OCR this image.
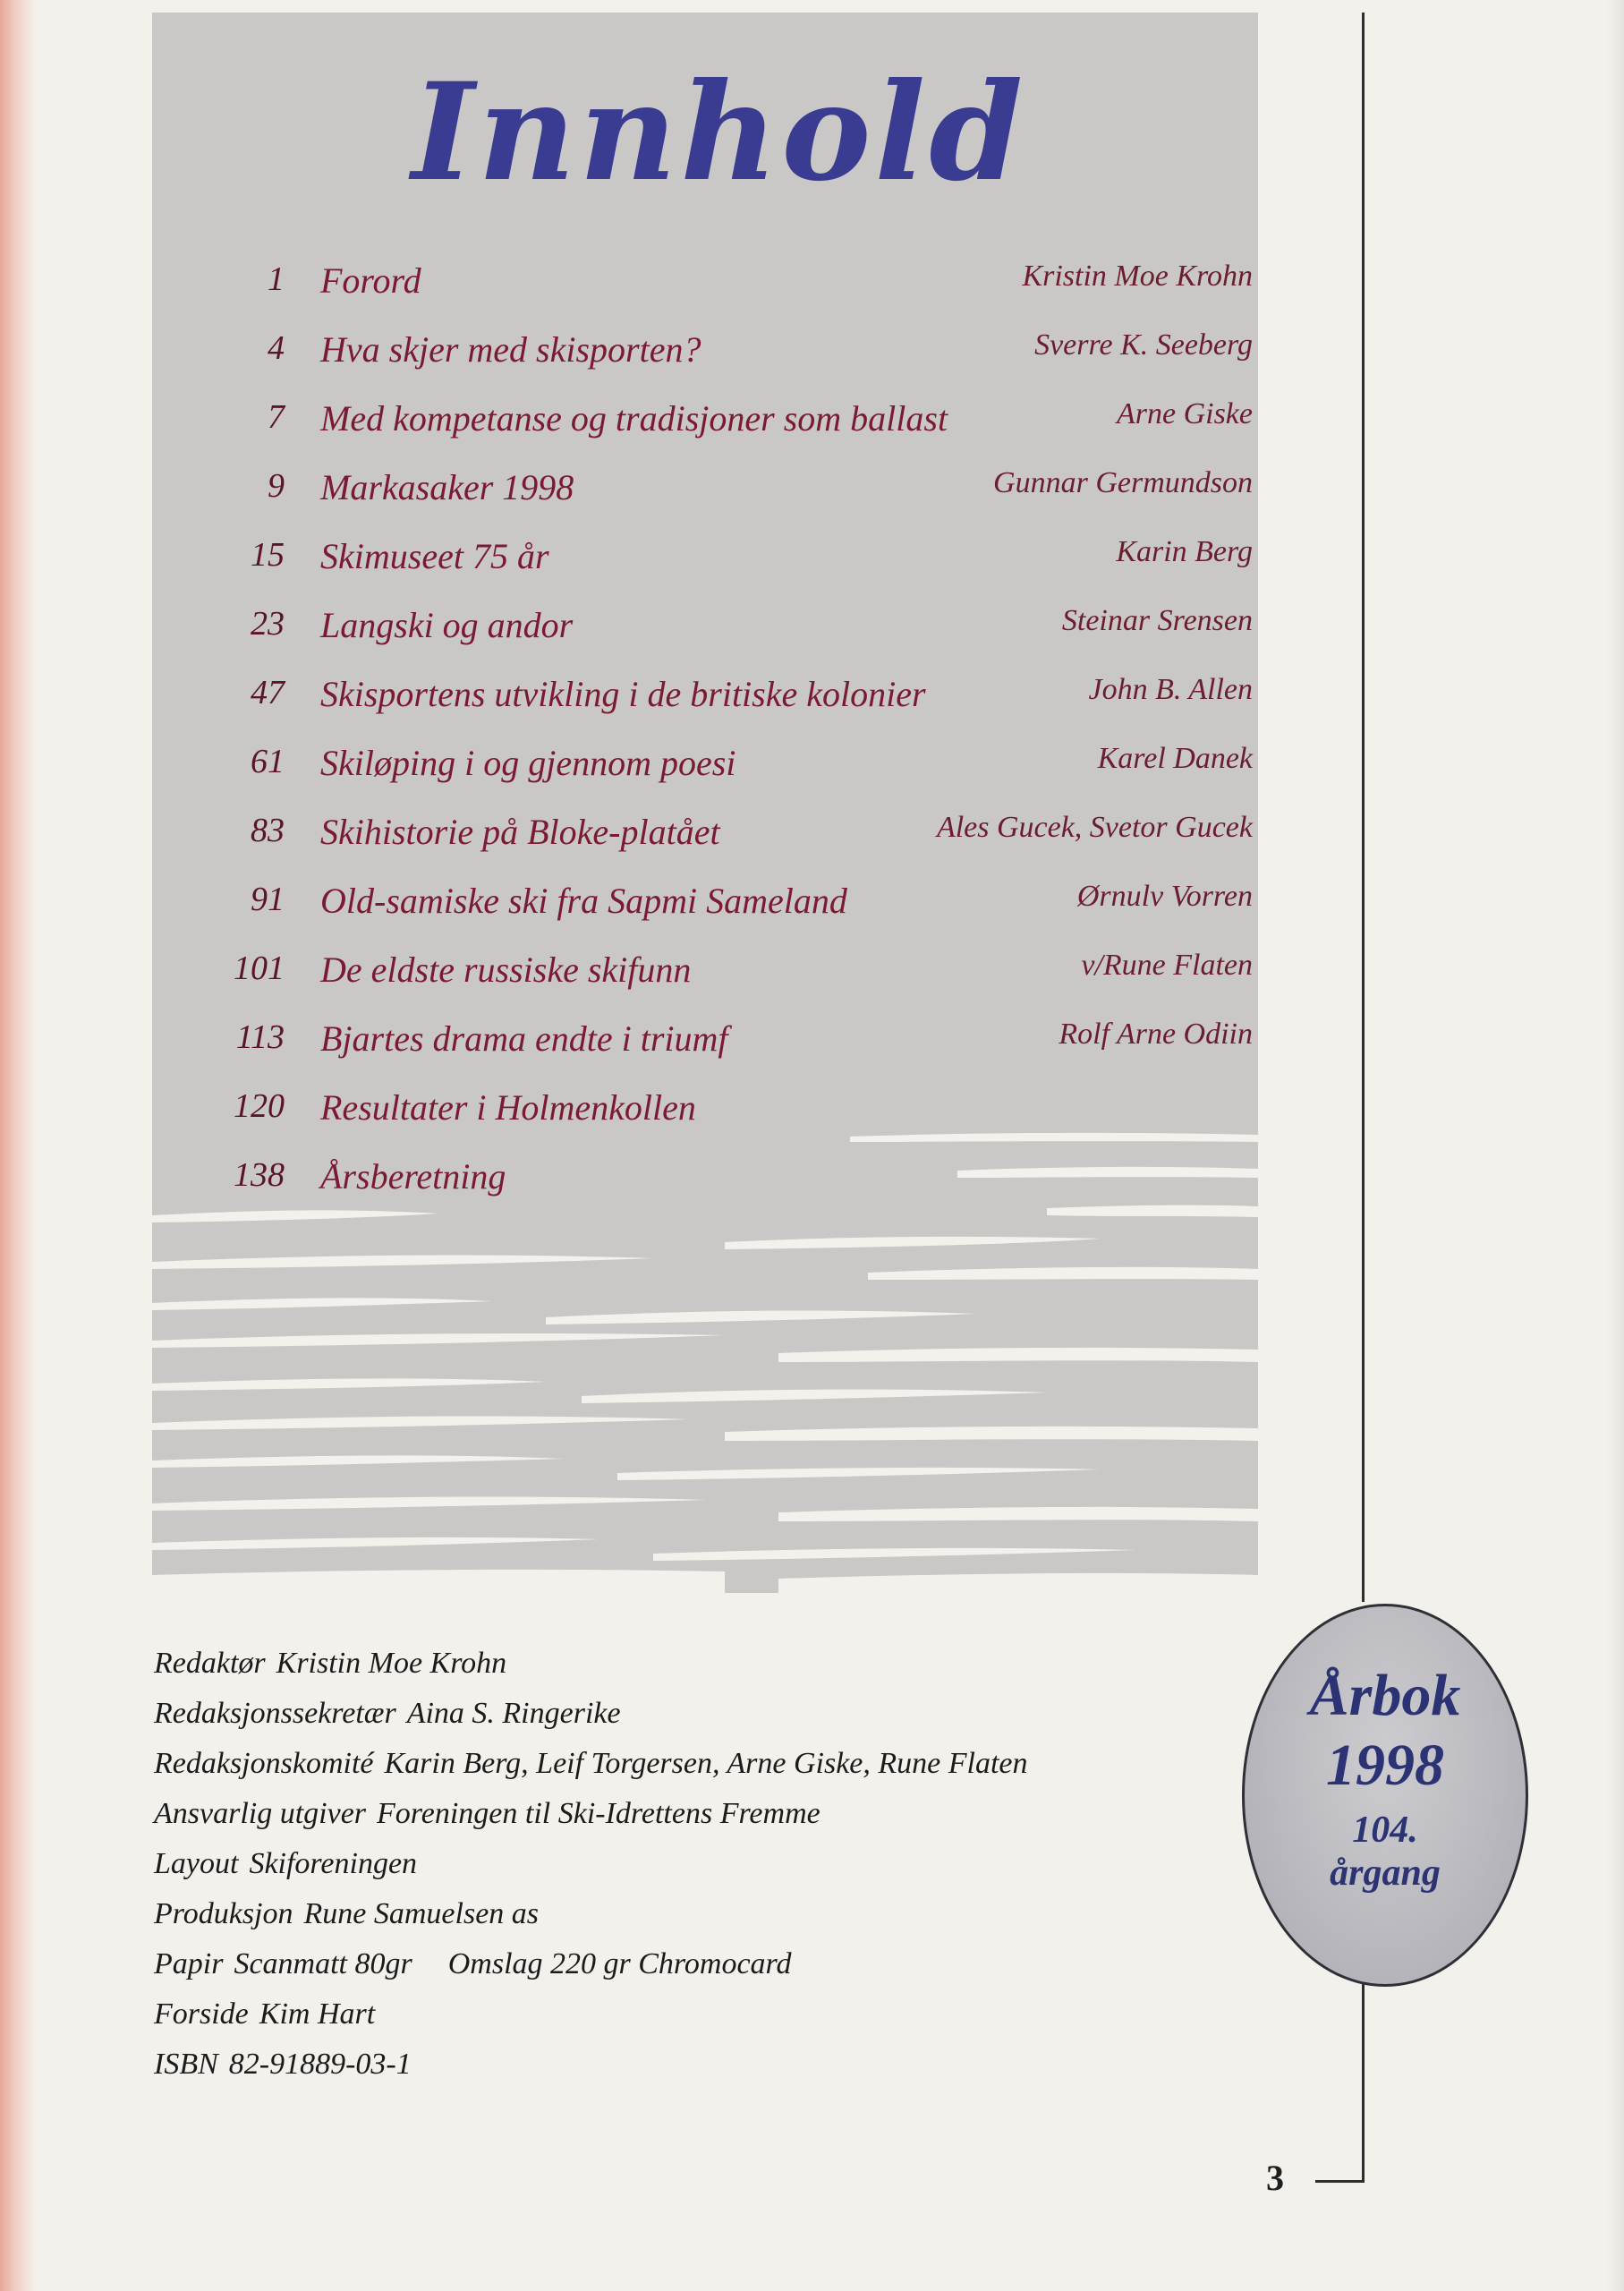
Innhold
1 Forord	Kristin Moe Krohn
4 Hva skjer med skisporten?	Sverre K. Seeberg
7 Med kompetanse og tradisjoner som ballast	Arne Giske
9 Markasaker 1998	Gunnar Germundson
15 Skimuseet 75 år	Karin Berg
23 Langski og andor	Steinar Srensen
47 Skisportens utvikling i de britiske kolonier	John B. Allen
61 Skiløping i og gjennom poesi	Karel Danek
83 Skihistorie på Bloke-platået	Ales Gucek, Svetor Gucek
91 Old-samiske ski fra Sapmi Sameland	Ørnulv Vorren
101 De eldste russiske skifunn	v/Rune Flaten
113 Bjartes drama endte i triumf	Rolf Arne Odiin
120 Resultater i Holmenkollen
138 Årsberetning
Redaktør Kristin Moe Krohn
Redaksjonssekretær Aina S. Ringerike
Redaksjonskomité Karin Berg, Leif Torgersen, Arne Giske, Rune Flaten
Ansvarlig utgiver Foreningen til Ski-Idrettens Fremme
Layout Skiforeningen
Produksjon Rune Samuelsen as
Papir Scanmatt 80gr Omslag 220 gr Chromocard
Forside Kim Hart
ISBN 82-91889-03-1
Årbok
1998
104.
årgang
3
